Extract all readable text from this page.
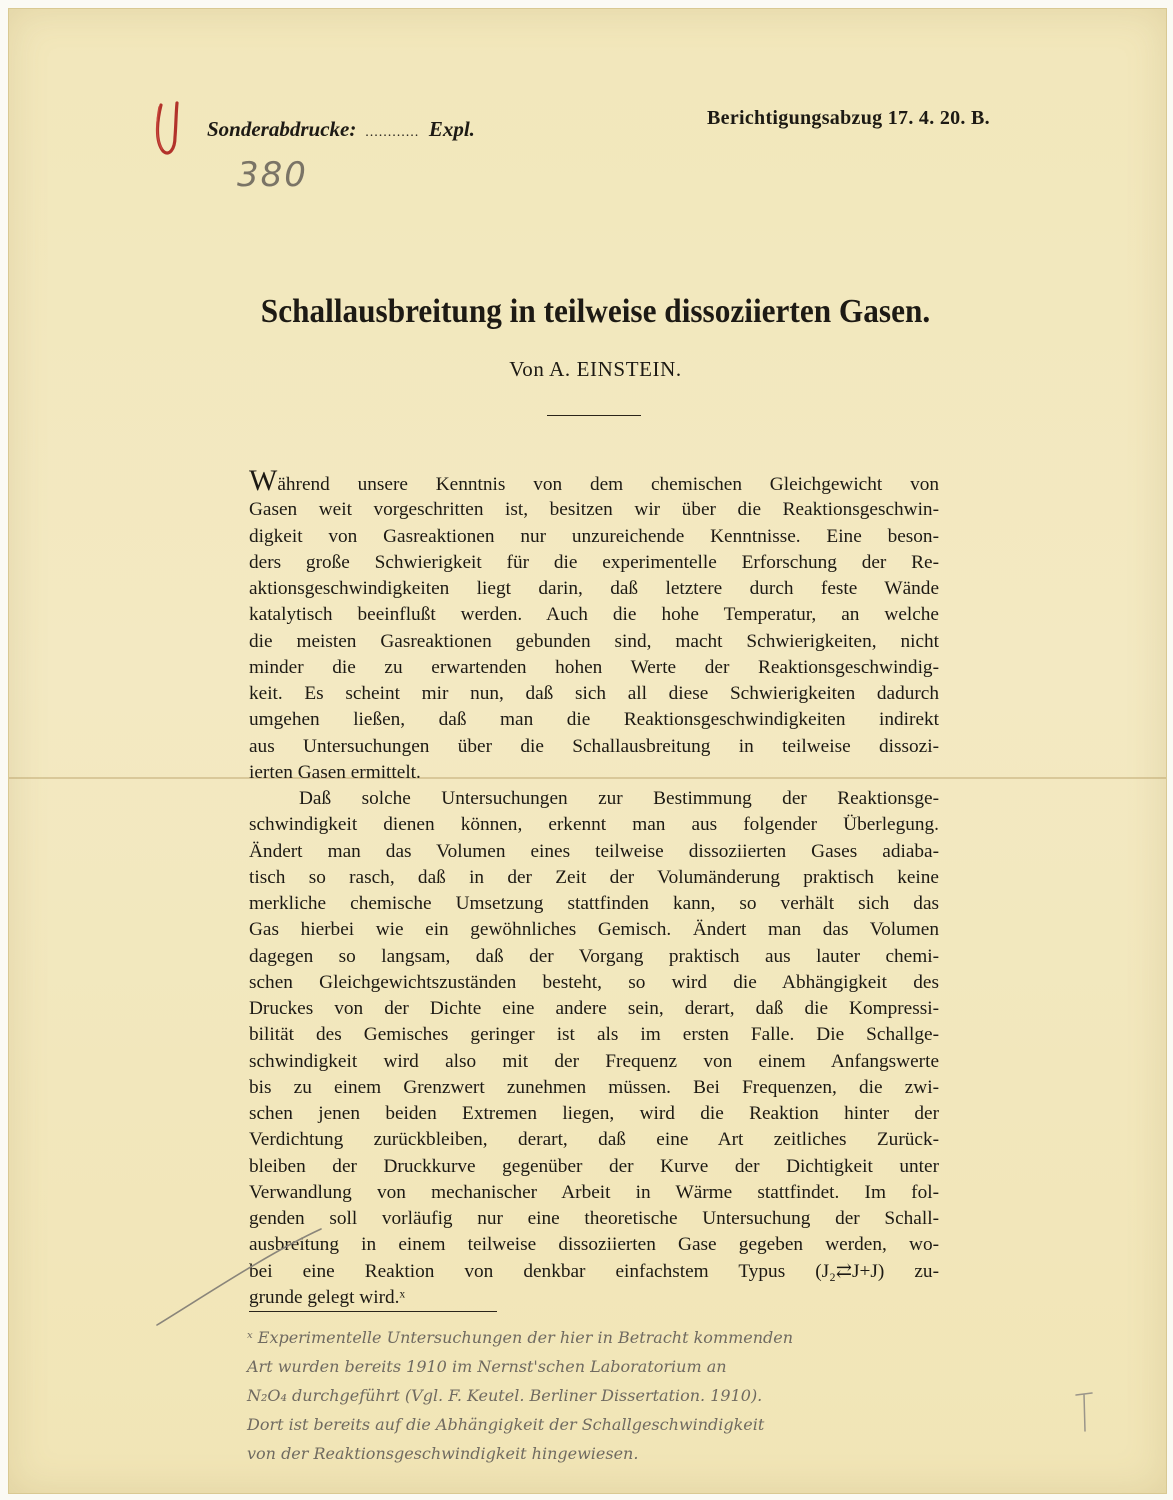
Sonderabdrucke: ............ Expl.	Berichtigungsabzug 17. 4. 20. B.
380
Schallausbreitung in teilweise dissoziierten Gasen.
Von A. EINSTEIN.
Während unsere Kenntnis von dem chemischen Gleichgewicht von
Gasen weit vorgeschritten ist, besitzen wir über die Reaktionsgeschwin-
digkeit von Gasreaktionen nur unzureichende Kenntnisse. Eine beson-
ders große Schwierigkeit für die experimentelle Erforschung der Re-
aktionsgeschwindigkeiten liegt darin, daß letztere durch feste Wände
katalytisch beeinflußt werden. Auch die hohe Temperatur, an welche
die meisten Gasreaktionen gebunden sind, macht Schwierigkeiten, nicht
minder die zu erwartenden hohen Werte der Reaktionsgeschwindig-
keit. Es scheint mir nun, daß sich all diese Schwierigkeiten dadurch
umgehen ließen, daß man die Reaktionsgeschwindigkeiten indirekt
aus Untersuchungen über die Schallausbreitung in teilweise dissozi-
ierten Gasen ermittelt.
Daß solche Untersuchungen zur Bestimmung der Reaktionsge-
schwindigkeit dienen können, erkennt man aus folgender Überlegung.
Ändert man das Volumen eines teilweise dissoziierten Gases adiaba-
tisch so rasch, daß in der Zeit der Volumänderung praktisch keine
merkliche chemische Umsetzung stattfinden kann, so verhält sich das
Gas hierbei wie ein gewöhnliches Gemisch. Ändert man das Volumen
dagegen so langsam, daß der Vorgang praktisch aus lauter chemi-
schen Gleichgewichtszuständen besteht, so wird die Abhängigkeit des
Druckes von der Dichte eine andere sein, derart, daß die Kompressi-
bilität des Gemisches geringer ist als im ersten Falle. Die Schallge-
schwindigkeit wird also mit der Frequenz von einem Anfangswerte
bis zu einem Grenzwert zunehmen müssen. Bei Frequenzen, die zwi-
schen jenen beiden Extremen liegen, wird die Reaktion hinter der
Verdichtung zurückbleiben, derart, daß eine Art zeitliches Zurück-
bleiben der Druckkurve gegenüber der Kurve der Dichtigkeit unter
Verwandlung von mechanischer Arbeit in Wärme stattfindet. Im fol-
genden soll vorläufig nur eine theoretische Untersuchung der Schall-
ausbreitung in einem teilweise dissoziierten Gase gegeben werden, wo-
bei eine Reaktion von denkbar einfachstem Typus (J₂⇄J+J) zu-
grunde gelegt wird.ˣ
ˣ Experimentelle Untersuchungen der hier in Betracht kommenden
Art wurden bereits 1910 im Nernst'schen Laboratorium an
N₂O₄ durchgeführt (Vgl. F. Keutel. Berliner Dissertation. 1910).
Dort ist bereits auf die Abhängigkeit der Schallgeschwindigkeit
von der Reaktionsgeschwindigkeit hingewiesen.
